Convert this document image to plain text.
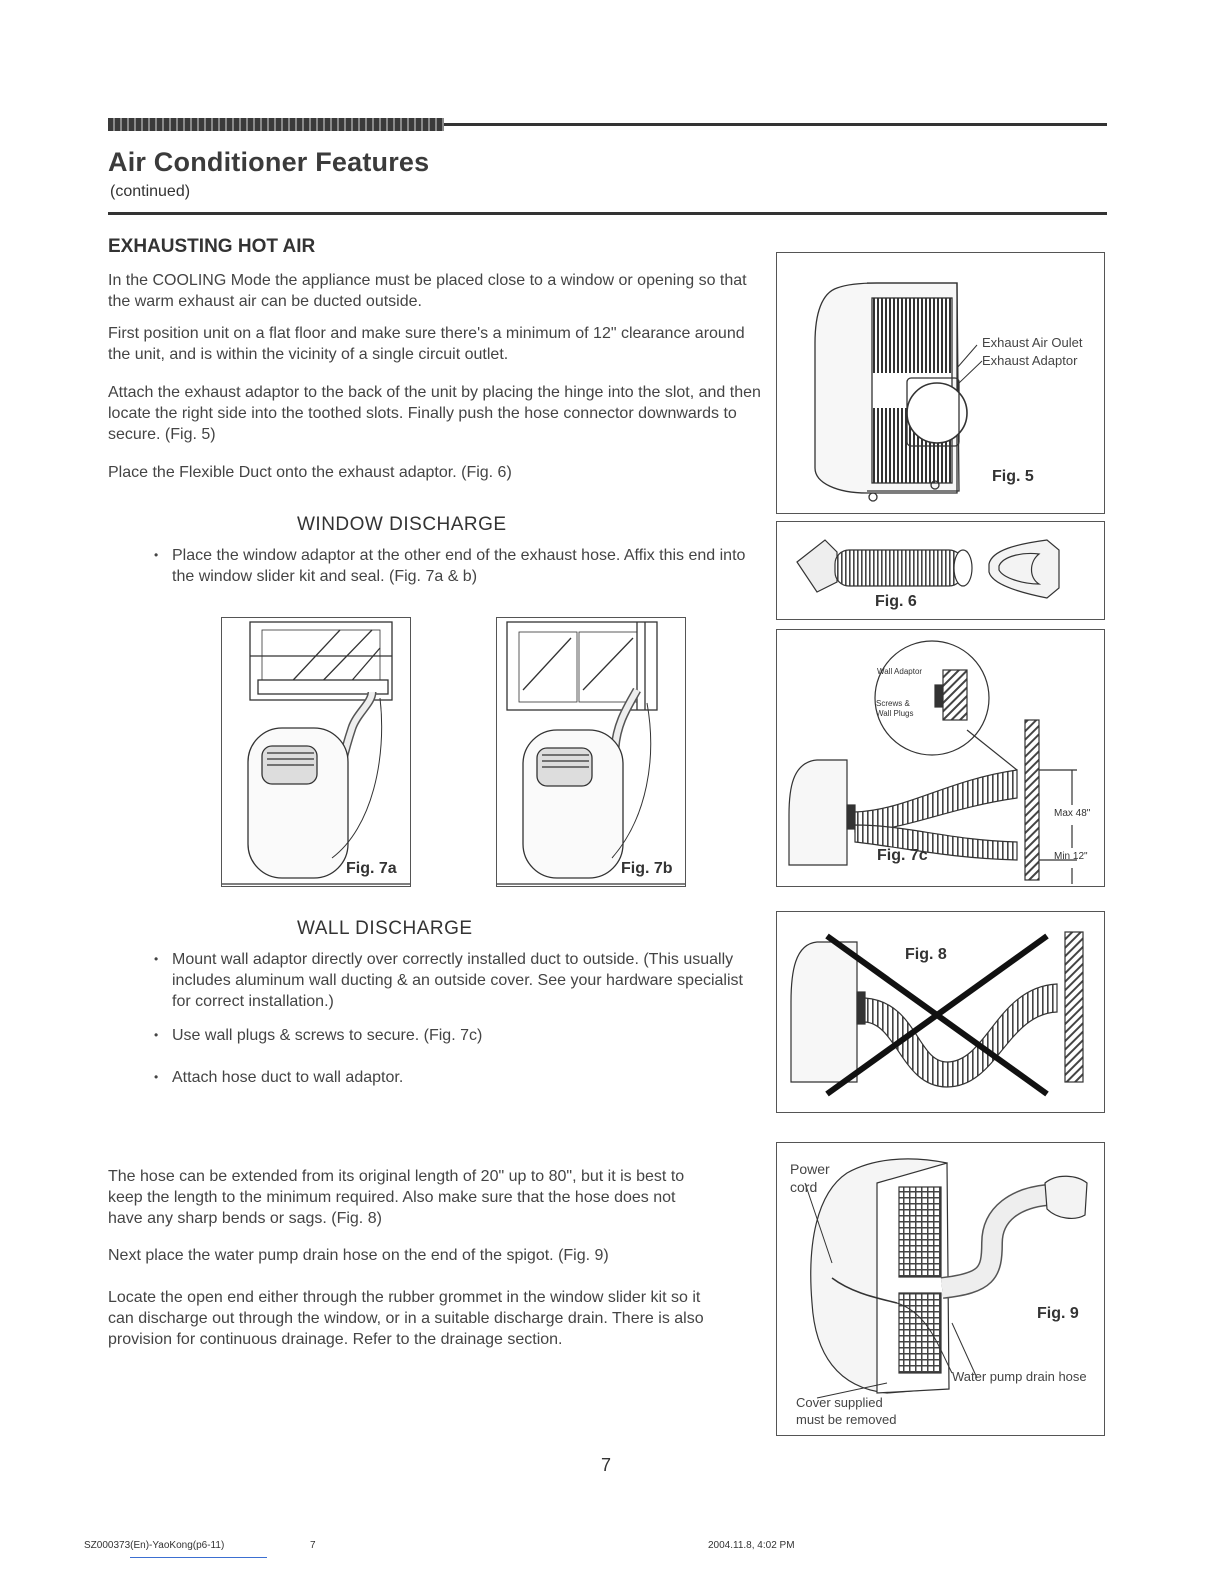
Air Conditioner Features
(continued)
EXHAUSTING HOT AIR

In the COOLING Mode the appliance must be placed close to a window or opening so that the warm exhaust air can be ducted outside.

First position unit on a flat floor and make sure there's a minimum of 12" clearance around the unit, and is within the vicinity of a single circuit outlet.

Attach the exhaust adaptor to the back of the unit by placing the hinge into the slot, and then locate the right side into the toothed slots. Finally push the hose connector downwards to secure. (Fig. 5)

Place the Flexible Duct onto the exhaust adaptor. (Fig. 6)

WINDOW DISCHARGE
• Place the window adaptor at the other end of the exhaust hose. Affix this end into the window slider kit and seal. (Fig. 7a & b)
Fig. 7a	Fig. 7b
WALL DISCHARGE
• Mount wall adaptor directly over correctly installed duct to outside. (This usually includes aluminum wall ducting & an outside cover. See your hardware specialist for correct installation.)
• Use wall plugs & screws to secure. (Fig. 7c)
• Attach hose duct to wall adaptor.

The hose can be extended from its original length of 20" up to 80", but it is best to keep the length to the minimum required. Also make sure that the hose does not have any sharp bends or sags. (Fig. 8)

Next place the water pump drain hose on the end of the spigot. (Fig. 9)

Locate the open end either through the rubber grommet in the window slider kit so it can discharge out through the window, or in a suitable discharge drain. There is also provision for continuous drainage. Refer to the drainage section.

Exhaust Air Oulet
Exhaust Adaptor
Fig. 5
Fig. 6
Wall Adaptor
Screws &
Wall Plugs
Max 48"
Min 12"
Fig. 7c
Fig. 8
Power
cord
Fig. 9
Water pump drain hose
Cover supplied
must be removed
7
SZ000373(En)-YaoKong(p6-11)	7	2004.11.8, 4:02 PM
